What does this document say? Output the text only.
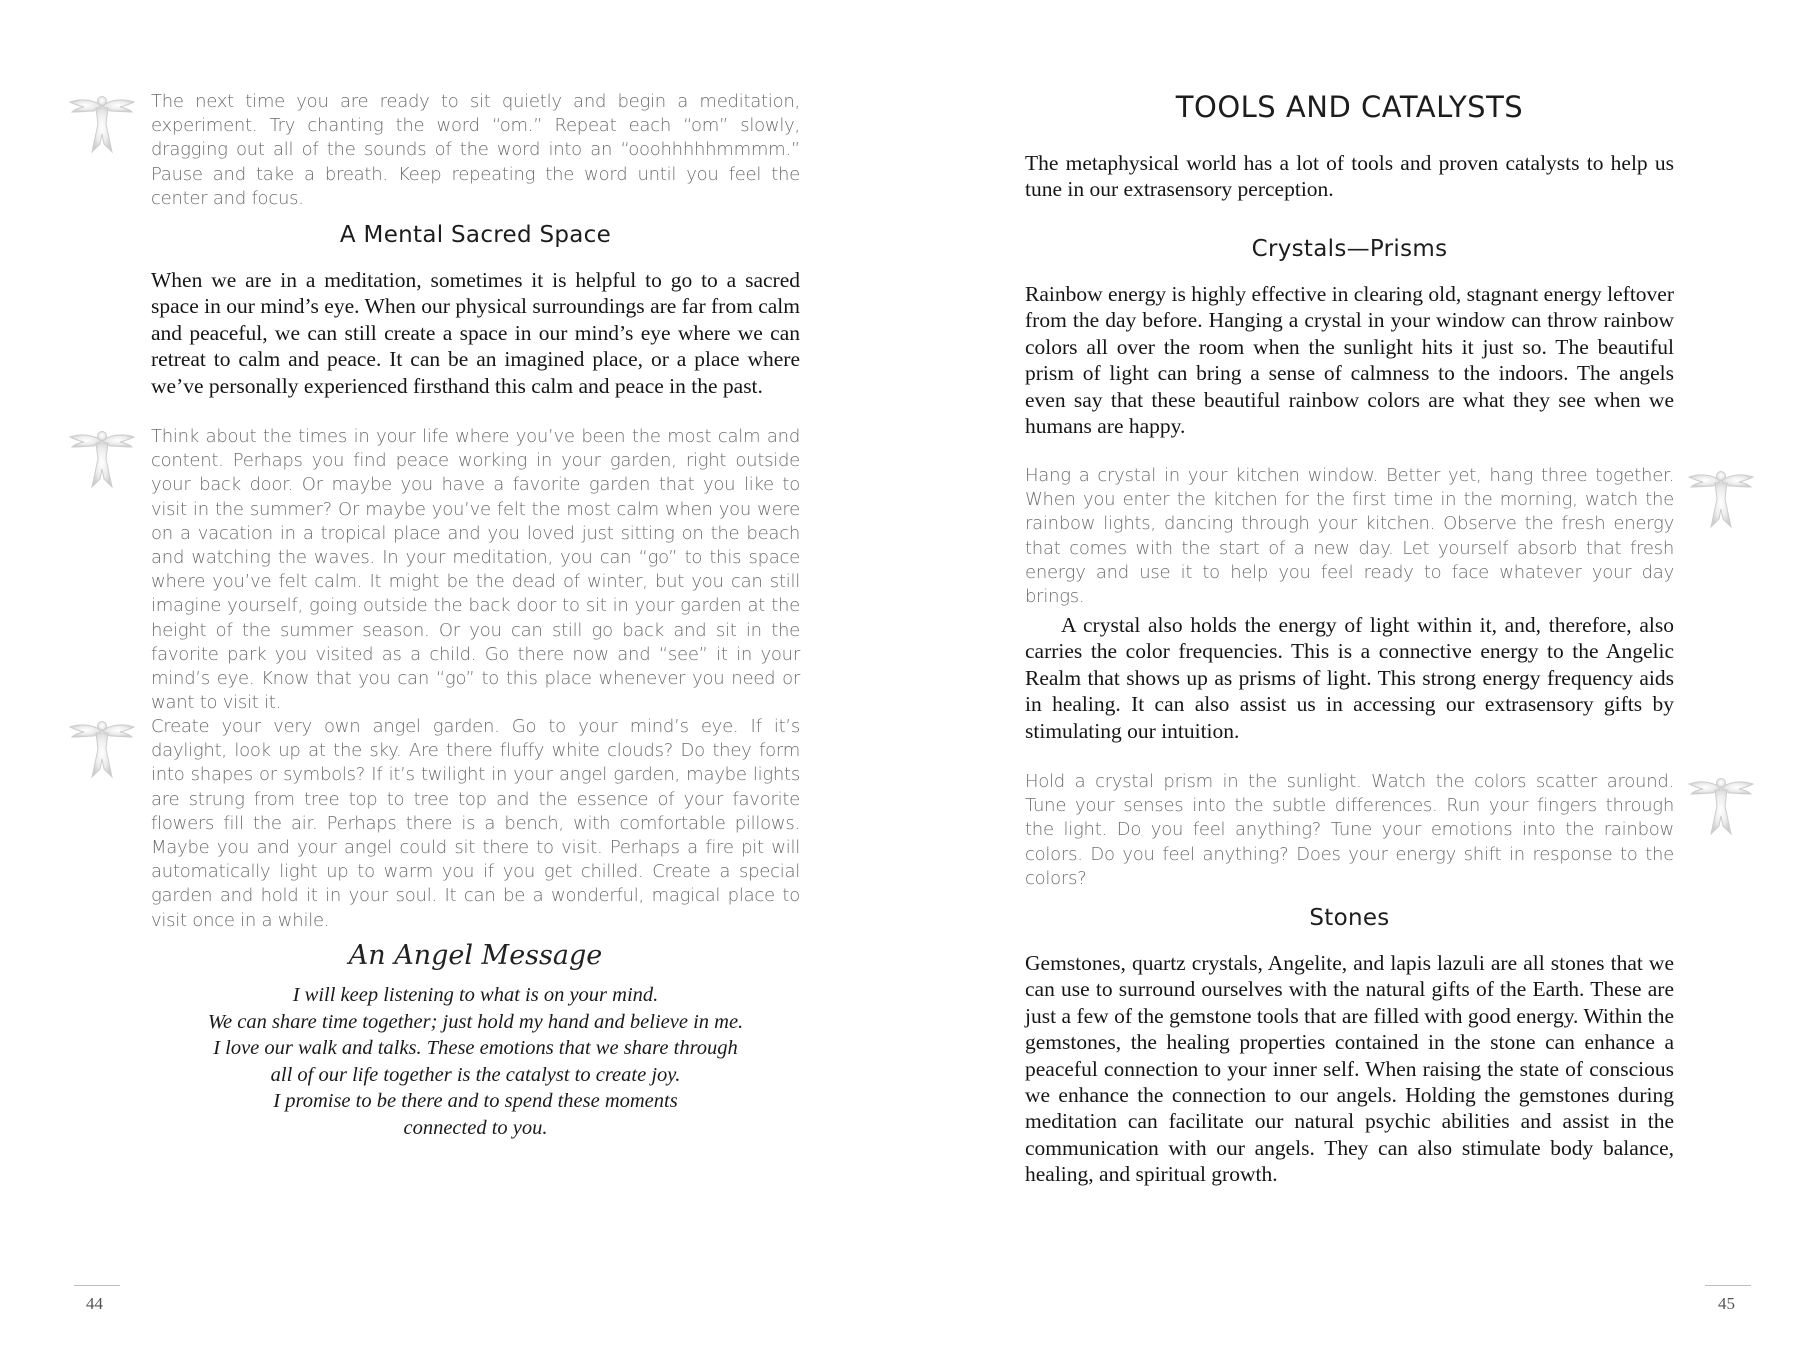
The next time you are ready to sit quietly and begin a meditation, experiment. Try chanting the word “om.” Repeat each “om” slowly, dragging out all of the sounds of the word into an “ooohhhhhmmmm.” Pause and take a breath. Keep repeating the word until you feel the center and focus.

A Mental Sacred Space

When we are in a meditation, sometimes it is helpful to go to a sacred space in our mind’s eye. When our physical surroundings are far from calm and peaceful, we can still create a space in our mind’s eye where we can retreat to calm and peace. It can be an imagined place, or a place where we’ve personally experienced firsthand this calm and peace in the past.

Think about the times in your life where you’ve been the most calm and content. Perhaps you find peace working in your garden, right outside your back door. Or maybe you have a favorite garden that you like to visit in the summer? Or maybe you’ve felt the most calm when you were on a vacation in a tropical place and you loved just sitting on the beach and watching the waves. In your meditation, you can “go” to this space where you’ve felt calm. It might be the dead of winter, but you can still imagine yourself, going outside the back door to sit in your garden at the height of the summer season. Or you can still go back and sit in the favorite park you visited as a child. Go there now and “see” it in your mind’s eye. Know that you can “go” to this place whenever you need or want to visit it.

Create your very own angel garden. Go to your mind’s eye. If it’s daylight, look up at the sky. Are there fluffy white clouds? Do they form into shapes or symbols? If it’s twilight in your angel garden, maybe lights are strung from tree top to tree top and the essence of your favorite flowers fill the air. Perhaps there is a bench, with comfortable pillows. Maybe you and your angel could sit there to visit. Perhaps a fire pit will automatically light up to warm you if you get chilled. Create a special garden and hold it in your soul. It can be a wonderful, magical place to visit once in a while.

An Angel Message
I will keep listening to what is on your mind.
We can share time together; just hold my hand and believe in me.
I love our walk and talks. These emotions that we share through
all of our life together is the catalyst to create joy.
I promise to be there and to spend these moments
connected to you.
44
TOOLS AND CATALYSTS

The metaphysical world has a lot of tools and proven catalysts to help us tune in our extrasensory perception.

Crystals—Prisms

Rainbow energy is highly effective in clearing old, stagnant energy leftover from the day before. Hanging a crystal in your window can throw rainbow colors all over the room when the sunlight hits it just so. The beautiful prism of light can bring a sense of calmness to the indoors. The angels even say that these beautiful rainbow colors are what they see when we humans are happy.

Hang a crystal in your kitchen window. Better yet, hang three together. When you enter the kitchen for the first time in the morning, watch the rainbow lights, dancing through your kitchen. Observe the fresh energy that comes with the start of a new day. Let yourself absorb that fresh energy and use it to help you feel ready to face whatever your day brings.

A crystal also holds the energy of light within it, and, therefore, also carries the color frequencies. This is a connective energy to the Angelic Realm that shows up as prisms of light. This strong energy frequency aids in healing. It can also assist us in accessing our extrasensory gifts by stimulating our intuition.

Hold a crystal prism in the sunlight. Watch the colors scatter around. Tune your senses into the subtle differences. Run your fingers through the light. Do you feel anything? Tune your emotions into the rainbow colors. Do you feel anything? Does your energy shift in response to the colors?

Stones

Gemstones, quartz crystals, Angelite, and lapis lazuli are all stones that we can use to surround ourselves with the natural gifts of the Earth. These are just a few of the gemstone tools that are filled with good energy. Within the gemstones, the healing properties contained in the stone can enhance a peaceful connection to your inner self. When raising the state of conscious we enhance the connection to our angels. Holding the gemstones during meditation can facilitate our natural psychic abilities and assist in the communication with our angels. They can also stimulate body balance, healing, and spiritual growth.

45
